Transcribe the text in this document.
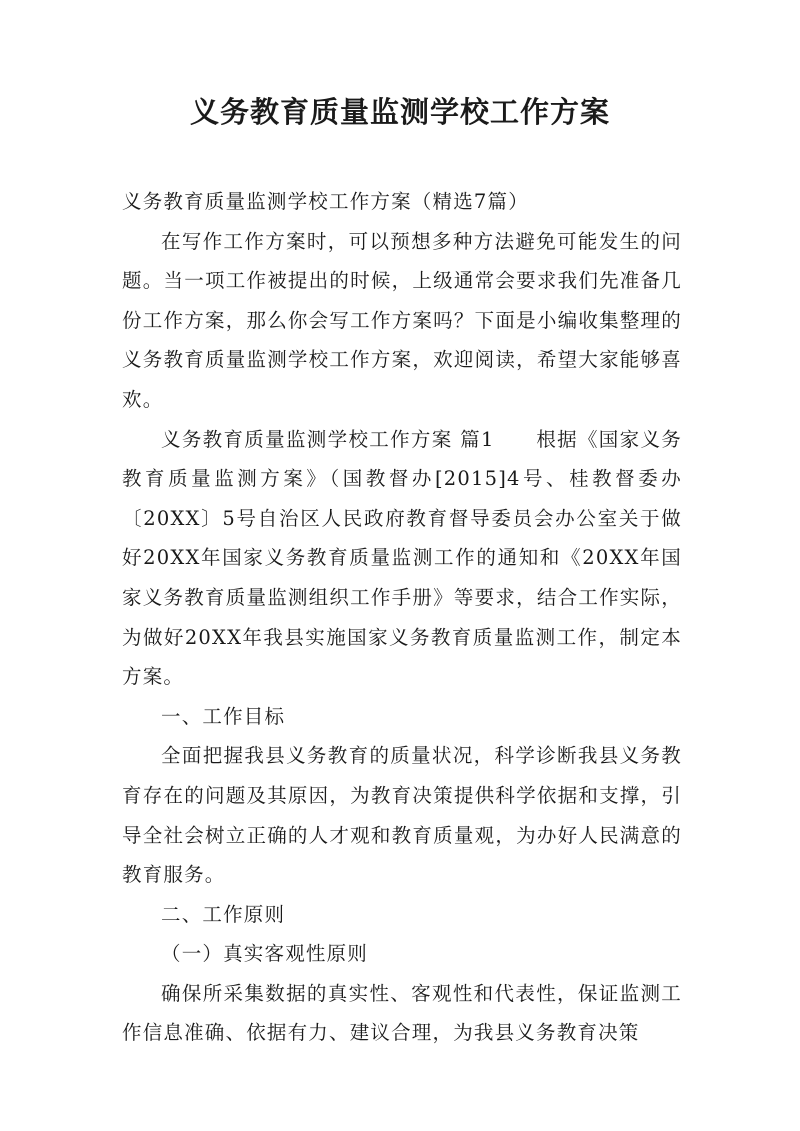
义务教育质量监测学校工作方案

义务教育质量监测学校工作方案（精选7篇）

在写作工作方案时，可以预想多种方法避免可能发生的问题。当一项工作被提出的时候，上级通常会要求我们先准备几份工作方案，那么你会写工作方案吗？下面是小编收集整理的义务教育质量监测学校工作方案，欢迎阅读，希望大家能够喜欢。

义务教育质量监测学校工作方案 篇1　　根据《国家义务教育质量监测方案》（国教督办[2015]4号、桂教督委办〔20XX〕5号自治区人民政府教育督导委员会办公室关于做好20XX年国家义务教育质量监测工作的通知和《20XX年国家义务教育质量监测组织工作手册》等要求，结合工作实际，为做好20XX年我县实施国家义务教育质量监测工作，制定本方案。

一、工作目标

全面把握我县义务教育的质量状况，科学诊断我县义务教育存在的问题及其原因，为教育决策提供科学依据和支撑，引导全社会树立正确的人才观和教育质量观，为办好人民满意的教育服务。

二、工作原则

（一）真实客观性原则

确保所采集数据的真实性、客观性和代表性，保证监测工作信息准确、依据有力、建议合理，为我县义务教育决策
